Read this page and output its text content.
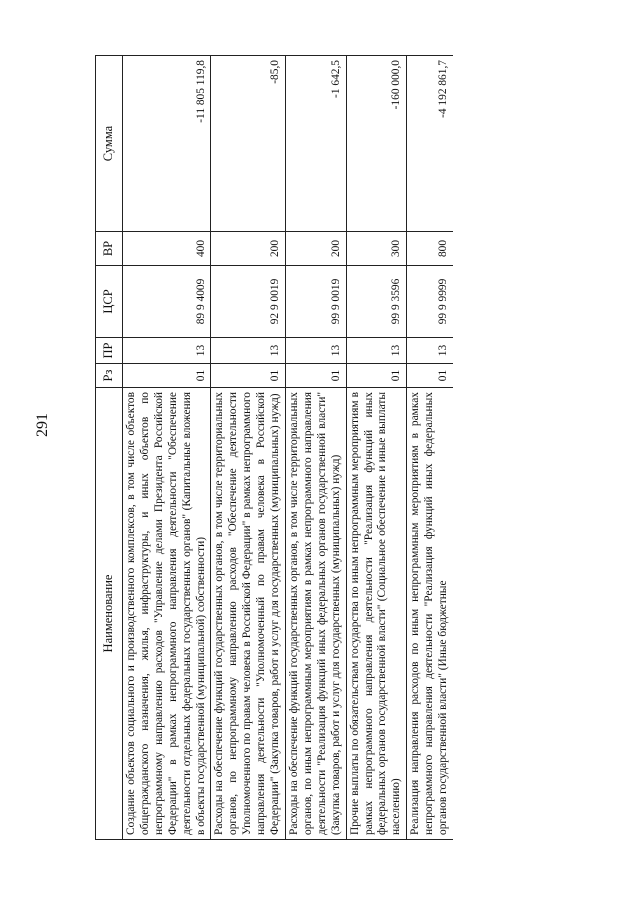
291
Наименование	Рз	ПР	ЦСР	ВР	Сумма
Создание объектов социального и производственного комплексов, в том числе объектов общегражданского назначения, жилья, инфраструктуры, и иных объектов по непрограммному направлению расходов "Управление делами Президента Российской Федерации" в рамках непрограммного направления деятельности "Обеспечение деятельности отдельных федеральных государственных органов" (Капитальные вложения в объекты государственной (муниципальной) собственности)	01	13	89 9 4009	400	-11 805 119,8
Расходы на обеспечение функций государственных органов, в том числе территориальных органов, по непрограммному направлению расходов "Обеспечение деятельности Уполномоченного по правам человека в Российской Федерации" в рамках непрограммного направления деятельности "Уполномоченный по правам человека в Российской Федерации" (Закупка товаров, работ и услуг для государственных (муниципальных) нужд)	01	13	92 9 0019	200	-85,0
Расходы на обеспечение функций государственных органов, в том числе территориальных органов, по иным непрограммным мероприятиям в рамках непрограммного направления деятельности "Реализация функций иных федеральных органов государственной власти" (Закупка товаров, работ и услуг для государственных (муниципальных) нужд)	01	13	99 9 0019	200	-1 642,5
Прочие выплаты по обязательствам государства по иным непрограммным мероприятиям в рамках непрограммного направления деятельности "Реализация функций иных федеральных органов государственной власти" (Социальное обеспечение и иные выплаты населению)	01	13	99 9 3596	300	-160 000,0
Реализация направления расходов по иным непрограммным мероприятиям в рамках непрограммного направления деятельности "Реализация функций иных федеральных органов государственной власти" (Иные бюджетные	01	13	99 9 9999	800	-4 192 861,7
